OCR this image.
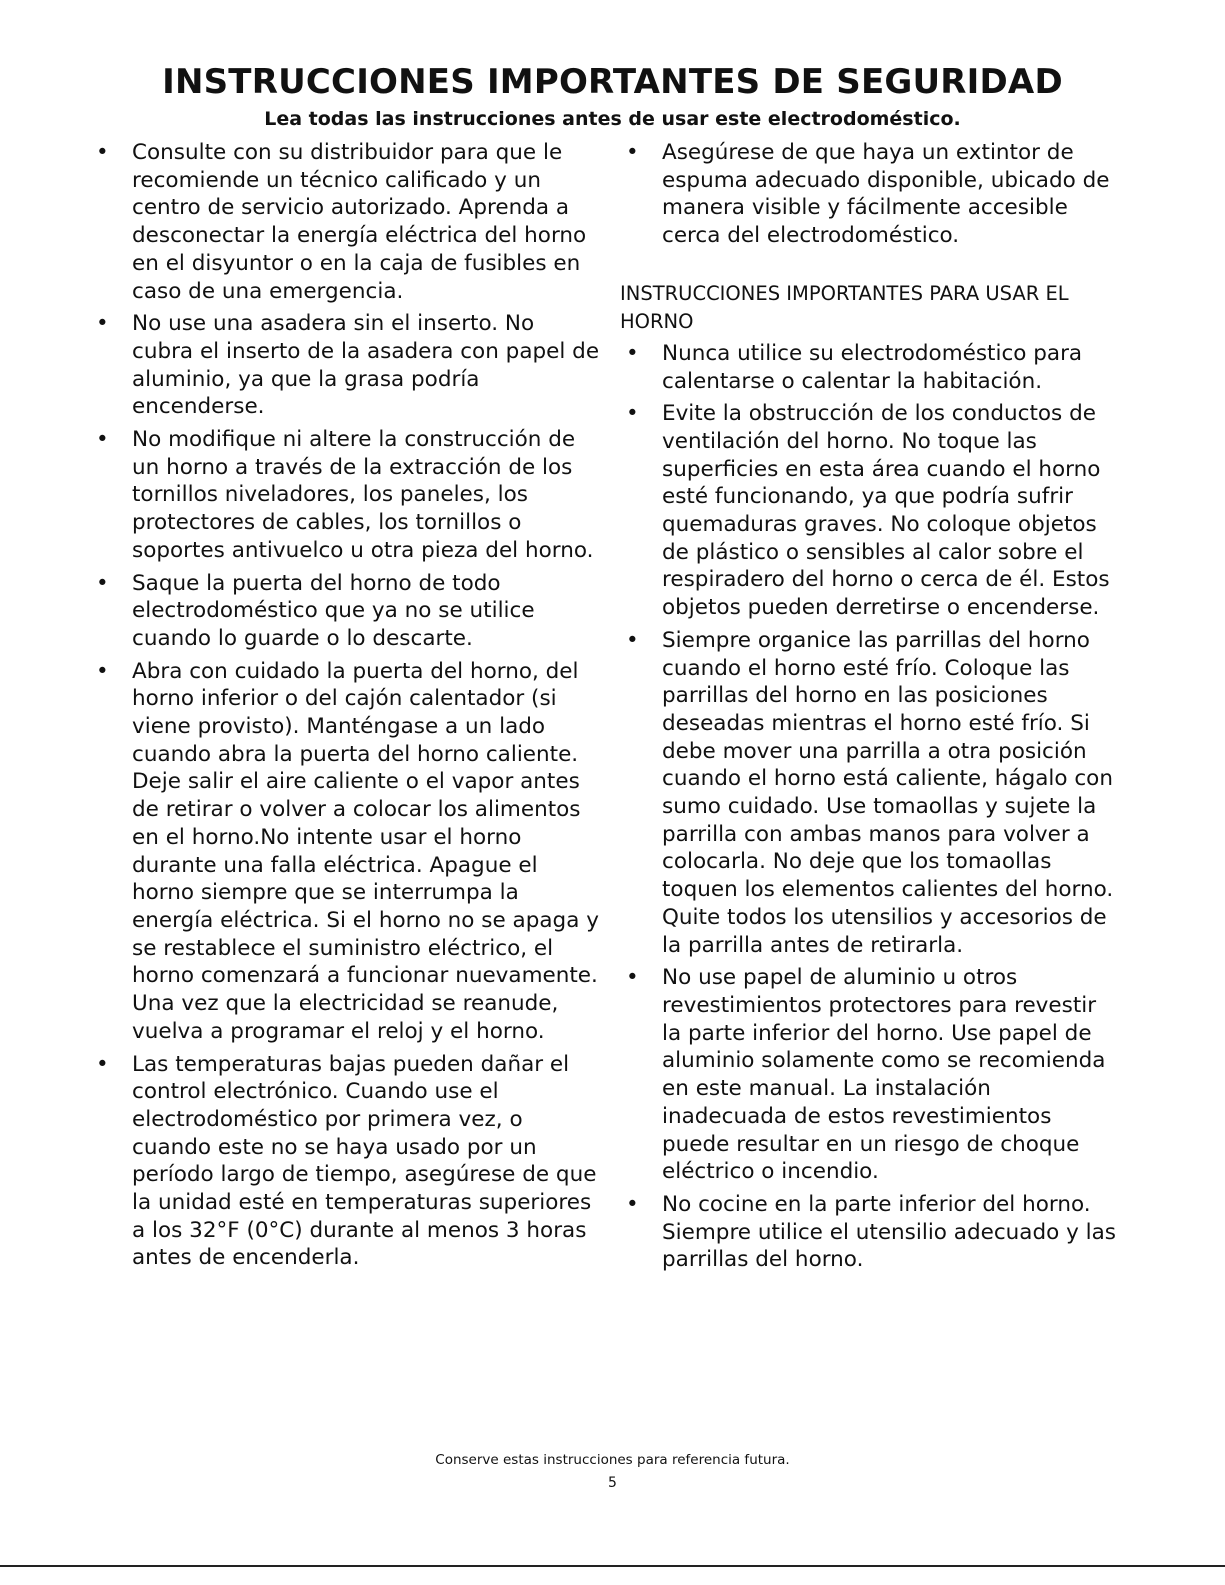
INSTRUCCIONES IMPORTANTES DE SEGURIDAD
Lea todas las instrucciones antes de usar este electrodoméstico.
• Consulte con su distribuidor para que le recomiende un técnico calificado y un centro de servicio autorizado. Aprenda a desconectar la energía eléctrica del horno en el disyuntor o en la caja de fusibles en caso de una emergencia.
• No use una asadera sin el inserto. No cubra el inserto de la asadera con papel de aluminio, ya que la grasa podría encenderse.
• No modifique ni altere la construcción de un horno a través de la extracción de los tornillos niveladores, los paneles, los protectores de cables, los tornillos o soportes antivuelco u otra pieza del horno.
• Saque la puerta del horno de todo electrodoméstico que ya no se utilice cuando lo guarde o lo descarte.
• Abra con cuidado la puerta del horno, del horno inferior o del cajón calentador (si viene provisto). Manténgase a un lado cuando abra la puerta del horno caliente. Deje salir el aire caliente o el vapor antes de retirar o volver a colocar los alimentos en el horno.No intente usar el horno durante una falla eléctrica. Apague el horno siempre que se interrumpa la energía eléctrica. Si el horno no se apaga y se restablece el suministro eléctrico, el horno comenzará a funcionar nuevamente. Una vez que la electricidad se reanude, vuelva a programar el reloj y el horno.
• Las temperaturas bajas pueden dañar el control electrónico. Cuando use el electrodoméstico por primera vez, o cuando este no se haya usado por un período largo de tiempo, asegúrese de que la unidad esté en temperaturas superiores a los 32°F (0°C) durante al menos 3 horas antes de encenderla.
• Asegúrese de que haya un extintor de espuma adecuado disponible, ubicado de manera visible y fácilmente accesible cerca del electrodoméstico.
INSTRUCCIONES IMPORTANTES PARA USAR EL HORNO
• Nunca utilice su electrodoméstico para calentarse o calentar la habitación.
• Evite la obstrucción de los conductos de ventilación del horno. No toque las superficies en esta área cuando el horno esté funcionando, ya que podría sufrir quemaduras graves. No coloque objetos de plástico o sensibles al calor sobre el respiradero del horno o cerca de él. Estos objetos pueden derretirse o encenderse.
• Siempre organice las parrillas del horno cuando el horno esté frío. Coloque las parrillas del horno en las posiciones deseadas mientras el horno esté frío. Si debe mover una parrilla a otra posición cuando el horno está caliente, hágalo con sumo cuidado. Use tomaollas y sujete la parrilla con ambas manos para volver a colocarla. No deje que los tomaollas toquen los elementos calientes del horno. Quite todos los utensilios y accesorios de la parrilla antes de retirarla.
• No use papel de aluminio u otros revestimientos protectores para revestir la parte inferior del horno. Use papel de aluminio solamente como se recomienda en este manual. La instalación inadecuada de estos revestimientos puede resultar en un riesgo de choque eléctrico o incendio.
• No cocine en la parte inferior del horno. Siempre utilice el utensilio adecuado y las parrillas del horno.
Conserve estas instrucciones para referencia futura.
5
